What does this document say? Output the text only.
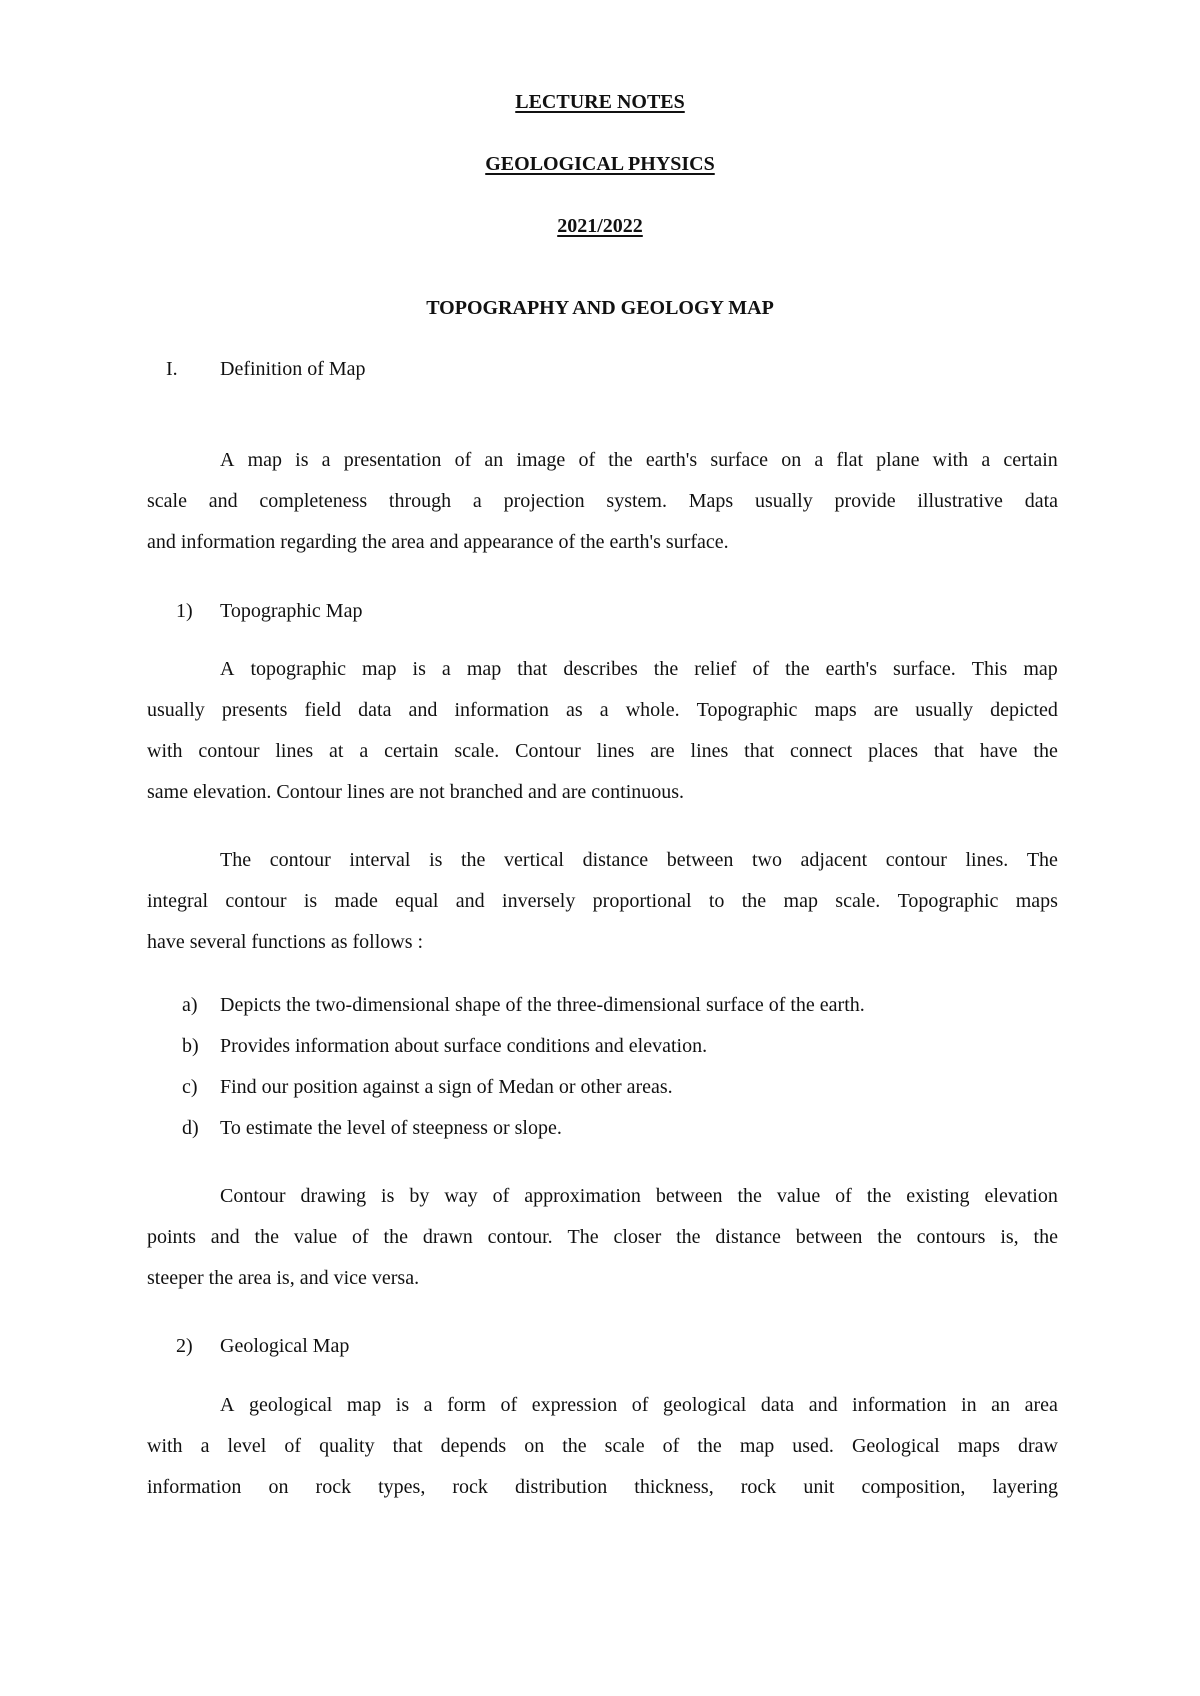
LECTURE NOTES
GEOLOGICAL PHYSICS
2021/2022
TOPOGRAPHY AND GEOLOGY MAP
I. Definition of Map
A map is a presentation of an image of the earth's surface on a flat plane with a certain
scale and completeness through a projection system. Maps usually provide illustrative data
and information regarding the area and appearance of the earth's surface.
1) Topographic Map
A topographic map is a map that describes the relief of the earth's surface. This map
usually presents field data and information as a whole. Topographic maps are usually depicted
with contour lines at a certain scale. Contour lines are lines that connect places that have the
same elevation. Contour lines are not branched and are continuous.
The contour interval is the vertical distance between two adjacent contour lines. The
integral contour is made equal and inversely proportional to the map scale. Topographic maps
have several functions as follows :
a) Depicts the two-dimensional shape of the three-dimensional surface of the earth.
b) Provides information about surface conditions and elevation.
c) Find our position against a sign of Medan or other areas.
d) To estimate the level of steepness or slope.
Contour drawing is by way of approximation between the value of the existing elevation
points and the value of the drawn contour. The closer the distance between the contours is, the
steeper the area is, and vice versa.
2) Geological Map
A geological map is a form of expression of geological data and information in an area
with a level of quality that depends on the scale of the map used. Geological maps draw
information on rock types, rock distribution thickness, rock unit composition, layering
